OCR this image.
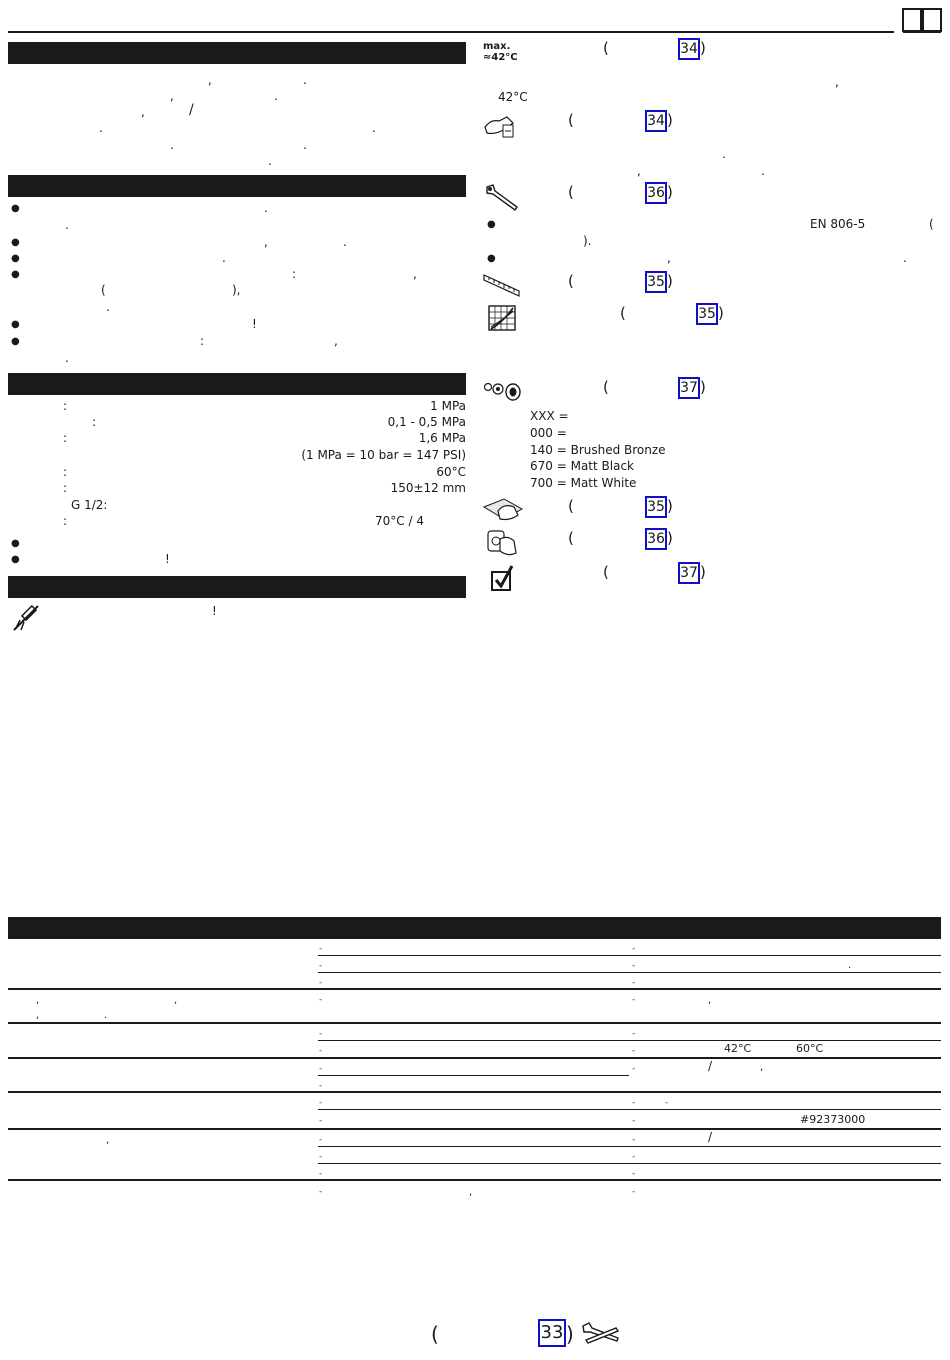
,	.
,	.
,	/
.	.
.	.
.
●	.
.
●	,	.
●	.
●	:	,
(	),
.
●	!
●	:	,
.
:	1 MPa
:	0,1 - 0,5 MPa
:	1,6 MPa
(1 MPa = 10 bar = 147 PSI)
:	60°C
:	150±12 mm
G 1/2:
:	70°C / 4
●
●	!
!
max.
≈42°C
(	34 )
,
42°C
(	34 )
.
,	.
(	36 )
●	EN 806-5	(
).
●	,	.
(	35 )
(	35 )
(	37 )
XXX =
000 =
140 = Brushed Bronze
670 = Matt Black
700 = Matt White
(	35 )
(	36 )
(	37 )
-	-
-	-	.
-	-
,	,
,	.
-	-	,
-	-
-	-	42°C	60°C
-	-	/	,
-
-	-	-
-	-	#92373000
,	-	-	/
-	-
-	-
-	,	-
(	33 )
